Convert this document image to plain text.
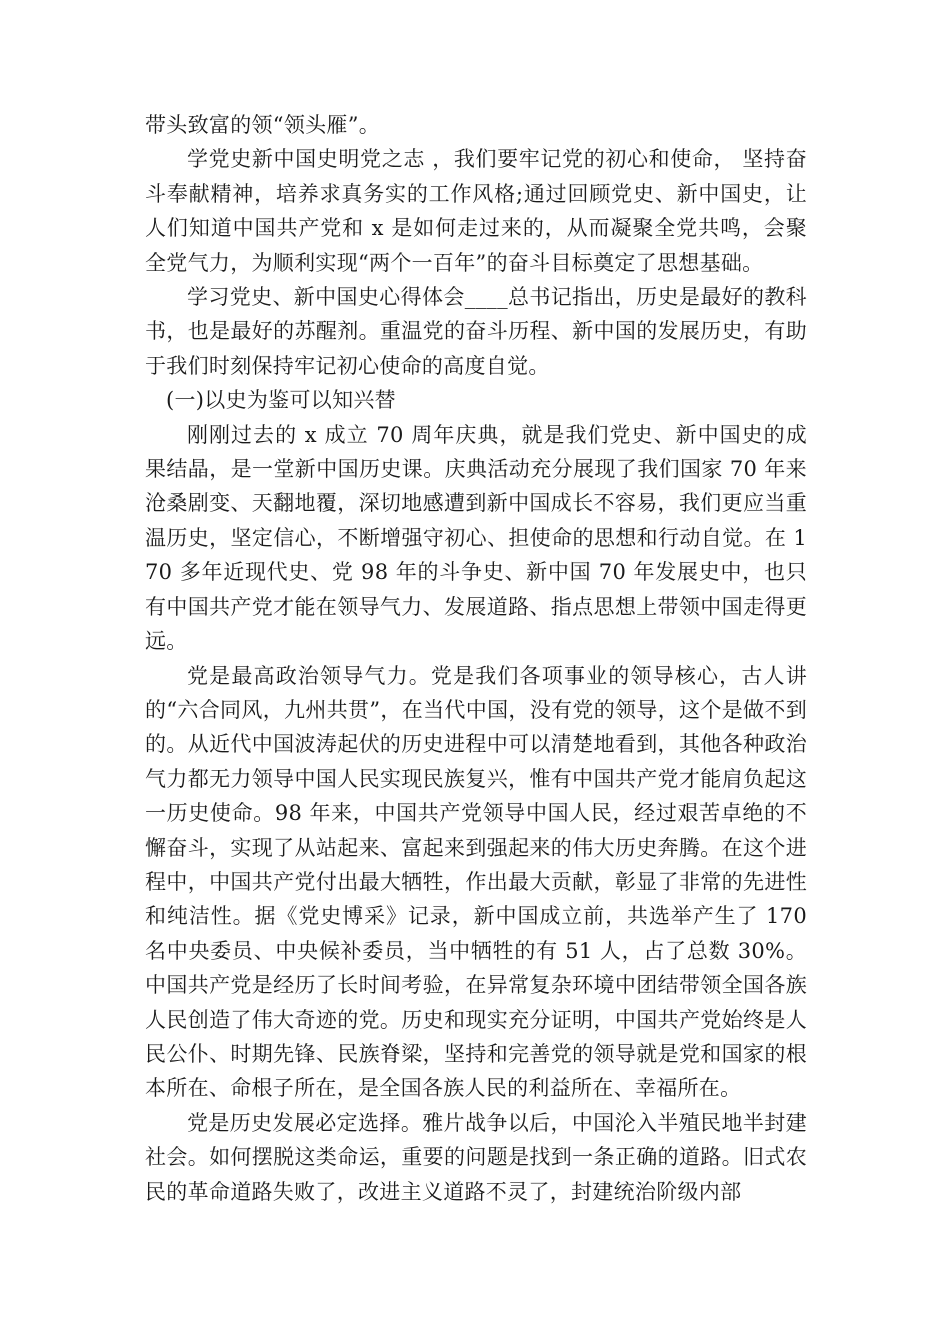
带头致富的领“领头雁”。

学党史新中国史明党之志 ，我们要牢记党的初心和使命， 坚持奋斗奉献精神，培养求真务实的工作风格;通过回顾党史、新中国史，让人们知道中国共产党和 x 是如何走过来的，从而凝聚全党共鸣，会聚全党气力，为顺利实现“两个一百年”的奋斗目标奠定了思想基础。

学习党史、新中国史心得体会____总书记指出，历史是最好的教科书，也是最好的苏醒剂。重温党的奋斗历程、新中国的发展历史，有助于我们时刻保持牢记初心使命的高度自觉。

(一)以史为鉴可以知兴替

刚刚过去的 x 成立 70 周年庆典，就是我们党史、新中国史的成果结晶，是一堂新中国历史课。庆典活动充分展现了我们国家 70 年来沧桑剧变、天翻地覆，深切地感遭到新中国成长不容易，我们更应当重温历史，坚定信心，不断增强守初心、担使命的思想和行动自觉。在 170 多年近现代史、党 98 年的斗争史、新中国 70 年发展史中，也只有中国共产党才能在领导气力、发展道路、指点思想上带领中国走得更远。

党是最高政治领导气力。党是我们各项事业的领导核心，古人讲的“六合同风，九州共贯”，在当代中国，没有党的领导，这个是做不到的。从近代中国波涛起伏的历史进程中可以清楚地看到，其他各种政治气力都无力领导中国人民实现民族复兴，惟有中国共产党才能肩负起这一历史使命。98 年来，中国共产党领导中国人民，经过艰苦卓绝的不懈奋斗，实现了从站起来、富起来到强起来的伟大历史奔腾。在这个进程中，中国共产党付出最大牺牲，作出最大贡献，彰显了非常的先进性和纯洁性。据《党史博采》记录，新中国成立前，共选举产生了 170 名中央委员、中央候补委员，当中牺牲的有 51 人，占了总数 30%。中国共产党是经历了长时间考验，在异常复杂环境中团结带领全国各族人民创造了伟大奇迹的党。历史和现实充分证明，中国共产党始终是人民公仆、时期先锋、民族脊梁，坚持和完善党的领导就是党和国家的根本所在、命根子所在，是全国各族人民的利益所在、幸福所在。

党是历史发展必定选择。雅片战争以后，中国沦入半殖民地半封建社会。如何摆脱这类命运，重要的问题是找到一条正确的道路。旧式农民的革命道路失败了，改进主义道路不灵了，封建统治阶级内部
